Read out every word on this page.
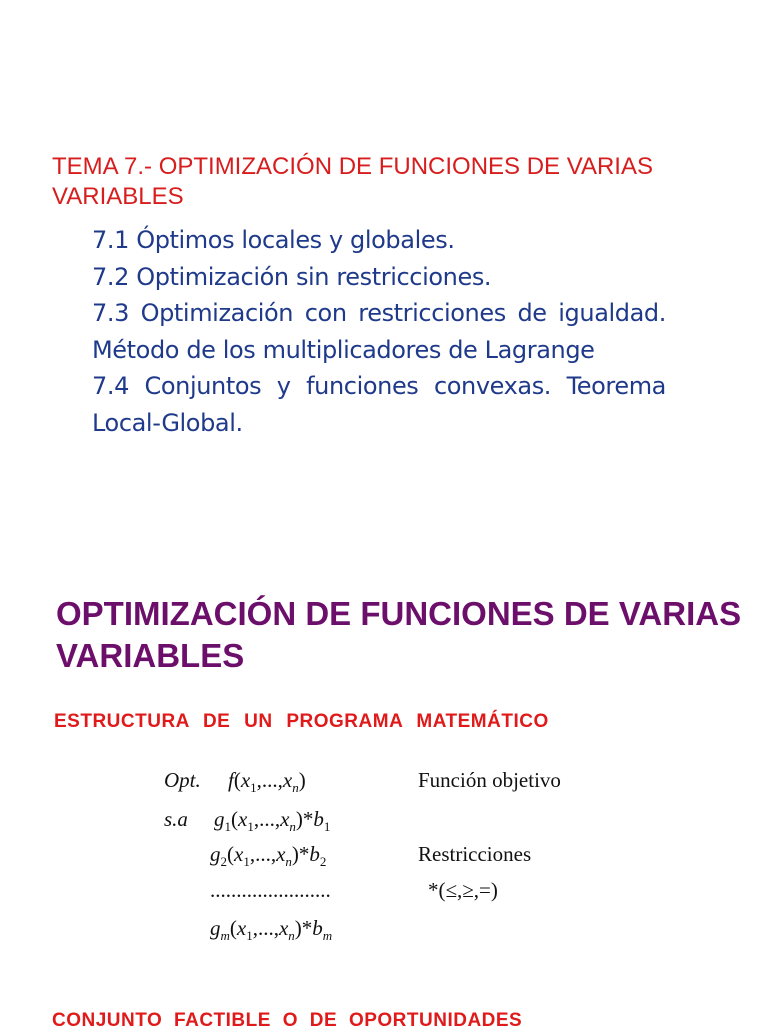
TEMA 7.- OPTIMIZACIÓN DE FUNCIONES DE VARIAS VARIABLES
7.1 Óptimos locales y globales.
7.2 Optimización sin restricciones.
7.3 Optimización con restricciones de igualdad. Método de los multiplicadores de Lagrange
7.4 Conjuntos y funciones convexas. Teorema Local-Global.
OPTIMIZACIÓN DE FUNCIONES DE VARIAS VARIABLES
ESTRUCTURA DE UN PROGRAMA MATEMÁTICO
Opt. $f(x_1,...,x_n)$	Función objetivo
s.a $g_1(x_1,...,x_n)*b_1$
$g_2(x_1,...,x_n)*b_2$	Restricciones
.......................	*(≤,≥,=)
$g_m(x_1,...,x_n)*b_m$
CONJUNTO FACTIBLE O DE OPORTUNIDADES
